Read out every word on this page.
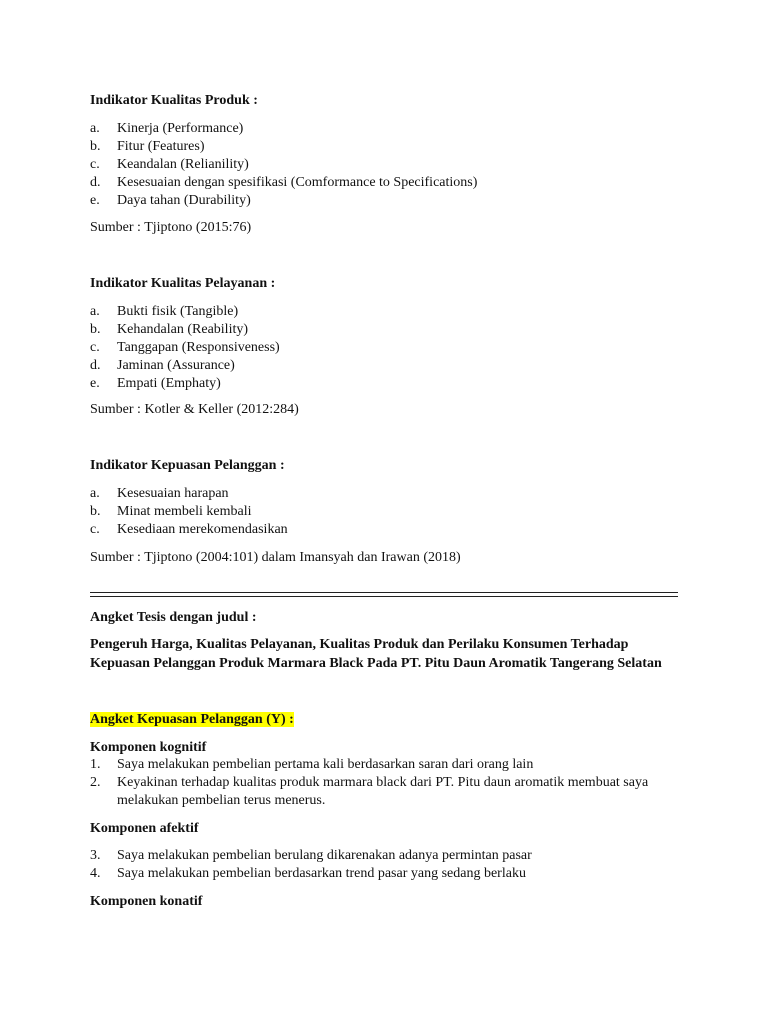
Indikator Kualitas Produk :
a. Kinerja (Performance)
b. Fitur (Features)
c. Keandalan (Relianility)
d. Kesesuaian dengan spesifikasi (Comformance to Specifications)
e. Daya tahan (Durability)
Sumber : Tjiptono (2015:76)
Indikator Kualitas Pelayanan :
a. Bukti fisik (Tangible)
b. Kehandalan (Reability)
c. Tanggapan (Responsiveness)
d. Jaminan (Assurance)
e. Empati (Emphaty)
Sumber : Kotler & Keller (2012:284)
Indikator Kepuasan Pelanggan :
a. Kesesuaian harapan
b. Minat membeli kembali
c. Kesediaan merekomendasikan
Sumber : Tjiptono (2004:101) dalam Imansyah dan Irawan (2018)
Angket Tesis dengan judul :
Pengeruh Harga, Kualitas Pelayanan, Kualitas Produk dan Perilaku Konsumen Terhadap
Kepuasan Pelanggan Produk Marmara Black Pada PT. Pitu Daun Aromatik Tangerang Selatan
Angket Kepuasan Pelanggan (Y) :
Komponen kognitif
1. Saya melakukan pembelian pertama kali berdasarkan saran dari orang lain
2. Keyakinan terhadap kualitas produk marmara black dari PT. Pitu daun aromatik membuat saya
melakukan pembelian terus menerus.
Komponen afektif
3. Saya melakukan pembelian berulang dikarenakan adanya permintan pasar
4. Saya melakukan pembelian berdasarkan trend pasar yang sedang berlaku
Komponen konatif
